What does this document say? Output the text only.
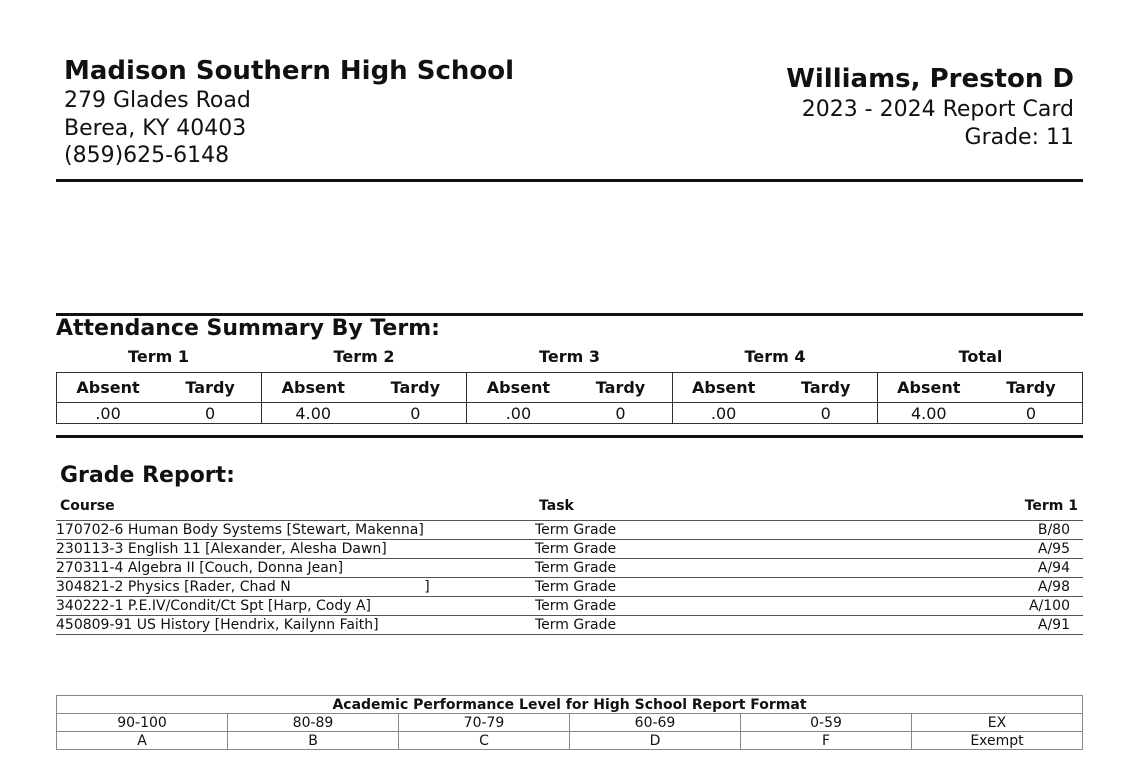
Madison Southern High School
279 Glades Road
Berea, KY 40403
(859)625-6148
Williams, Preston D
2023 - 2024 Report Card
Grade: 11
Attendance Summary By Term:
Term 1	Term 2	Term 3	Term 4	Total
Absent	Tardy	Absent	Tardy	Absent	Tardy	Absent	Tardy	Absent	Tardy
.00	0	4.00	0	.00	0	.00	0	4.00	0
Grade Report:
Course	Task	Term 1
170702-6 Human Body Systems [Stewart, Makenna]	Term Grade	B/80
230113-3 English 11 [Alexander, Alesha Dawn]	Term Grade	A/95
270311-4 Algebra II [Couch, Donna Jean]	Term Grade	A/94
304821-2 Physics [Rader, Chad N                              ]	Term Grade	A/98
340222-1 P.E.IV/Condit/Ct Spt [Harp, Cody A]	Term Grade	A/100
450809-91 US History [Hendrix, Kailynn Faith]	Term Grade	A/91
Academic Performance Level for High School Report Format					
90-100	80-89	70-79	60-69	0-59	EX
A	B	C	D	F	Exempt
